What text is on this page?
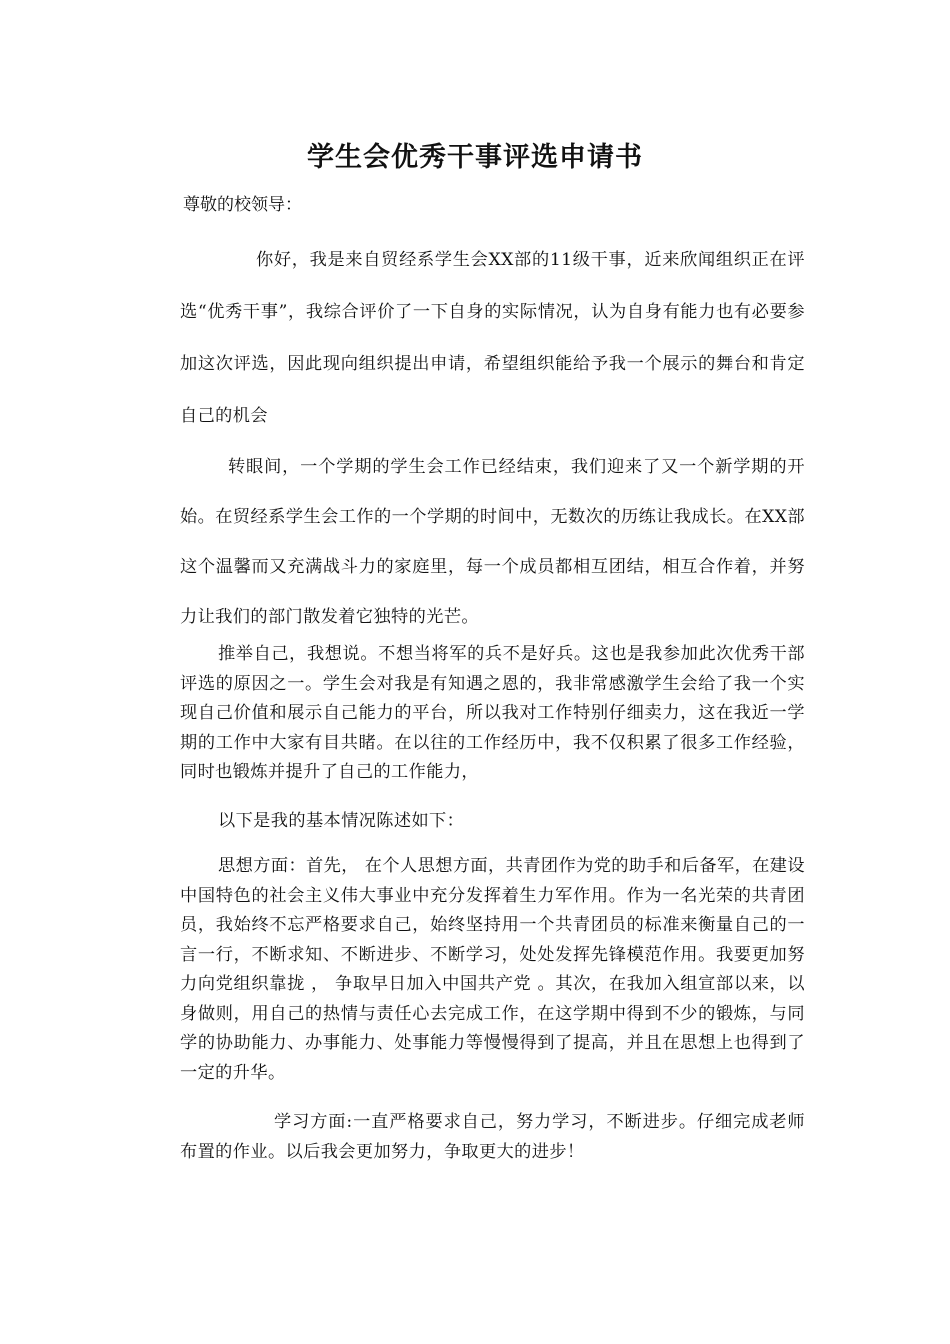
学生会优秀干事评选申请书
尊敬的校领导：
你好，我是来自贸经系学生会XX部的11级干事，近来欣闻组织正在评选“优秀干事”，我综合评价了一下自身的实际情况，认为自身有能力也有必要参加这次评选，因此现向组织提出申请，希望组织能给予我一个展示的舞台和肯定自己的机会
转眼间，一个学期的学生会工作已经结束，我们迎来了又一个新学期的开始。在贸经系学生会工作的一个学期的时间中，无数次的历练让我成长。在XX部这个温馨而又充满战斗力的家庭里，每一个成员都相互团结，相互合作着，并努力让我们的部门散发着它独特的光芒。
推举自己，我想说。不想当将军的兵不是好兵。这也是我参加此次优秀干部评选的原因之一。学生会对我是有知遇之恩的，我非常感激学生会给了我一个实现自己价值和展示自己能力的平台，所以我对工作特别仔细卖力，这在我近一学期的工作中大家有目共睹。在以往的工作经历中，我不仅积累了很多工作经验，同时也锻炼并提升了自己的工作能力，
以下是我的基本情况陈述如下：
思想方面：首先， 在个人思想方面，共青团作为党的助手和后备军，在建设中国特色的社会主义伟大事业中充分发挥着生力军作用。作为一名光荣的共青团员，我始终不忘严格要求自己，始终坚持用一个共青团员的标准来衡量自己的一言一行，不断求知、不断进步、不断学习，处处发挥先锋模范作用。我要更加努力向党组织靠拢 ， 争取早日加入中国共产党 。其次，在我加入组宣部以来，以身做则，用自己的热情与责任心去完成工作，在这学期中得到不少的锻炼，与同学的协助能力、办事能力、处事能力等慢慢得到了提高，并且在思想上也得到了一定的升华。
学习方面:一直严格要求自己，努力学习，不断进步。仔细完成老师布置的作业。以后我会更加努力，争取更大的进步！
